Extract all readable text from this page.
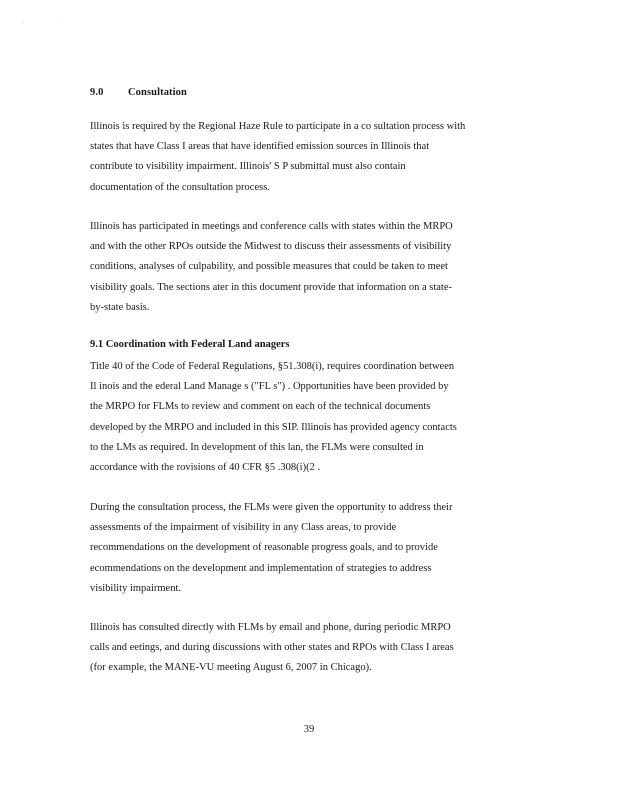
·	·
9.0 Consultation

Illinois is required by the Regional Haze Rule to participate in a co sultation process with
states that have Class I areas that have identified emission sources in Illinois that
contribute to visibility impairment. Illinois' S P submittal must also contain
documentation of the consultation process.

Illinois has participated in meetings and conference calls with states within the MRPO
and with the other RPOs outside the Midwest to discuss their assessments of visibility
conditions, analyses of culpability, and possible measures that could be taken to meet
visibility goals. The sections ater in this document provide that information on a state-
by-state basis.

9.1 Coordination with Federal Land anagers

Title 40 of the Code of Federal Regulations, §51.308(i), requires coordination between
Il inois and the ederal Land Manage s ("FL s") . Opportunities have been provided by
the MRPO for FLMs to review and comment on each of the technical documents
developed by the MRPO and included in this SIP. Illinois has provided agency contacts
to the LMs as required. In development of this lan, the FLMs were consulted in
accordance with the rovisions of 40 CFR §5 .308(i)(2 .

During the consultation process, the FLMs were given the opportunity to address their
assessments of the impairment of visibility in any Class areas, to provide
recommendations on the development of reasonable progress goals, and to provide
ecommendations on the development and implementation of strategies to address
visibility impairment.

Illinois has consulted directly with FLMs by email and phone, during periodic MRPO
calls and eetings, and during discussions with other states and RPOs with Class I areas
(for example, the MANE-VU meeting August 6, 2007 in Chicago).

39
